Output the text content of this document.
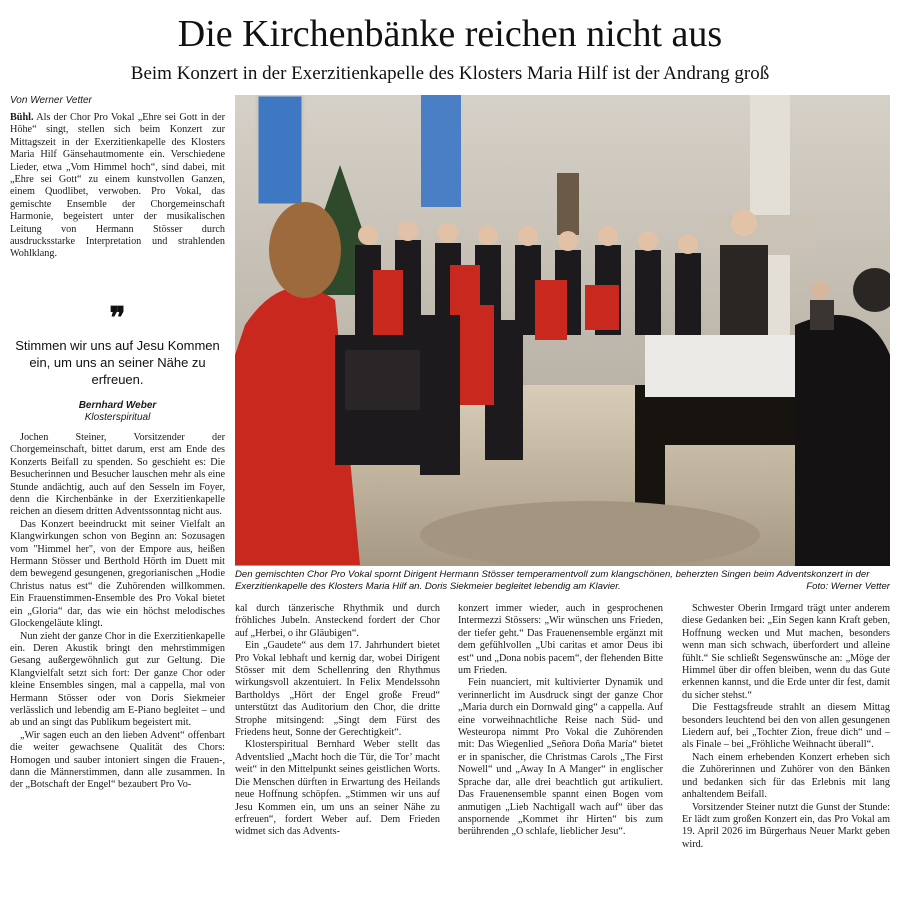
Die Kirchenbänke reichen nicht aus
Beim Konzert in der Exerzitienkapelle des Klosters Maria Hilf ist der Andrang groß
Von Werner Vetter

Bühl. Als der Chor Pro Vokal „Ehre sei Gott in der Höhe“ singt, stellen sich beim Konzert zur Mittagszeit in der Exerzitienkapelle des Klosters Maria Hilf Gänsehautmomente ein. Verschiedene Lieder, etwa „Vom Himmel hoch“, sind dabei, mit „Ehre sei Gott“ zu einem kunstvollen Ganzen, einem Quodlibet, verwoben. Pro Vokal, das gemischte Ensemble der Chorgemeinschaft Harmonie, begeistert unter der musikalischen Leitung von Hermann Stösser durch ausdrucksstarke Interpretation und strahlenden Wohlklang.

❞
Stimmen wir uns auf Jesu Kommen ein, um uns an seiner Nähe zu erfreuen.
Bernhard Weber
Klosterspiritual

Jochen Steiner, Vorsitzender der Chorgemeinschaft, bittet darum, erst am Ende des Konzerts Beifall zu spenden. So geschieht es: Die Besucherinnen und Besucher lauschen mehr als eine Stunde andächtig, auch auf den Sesseln im Foyer, denn die Kirchenbänke in der Exerzitienkapelle reichen an diesem dritten Adventssonntag nicht aus.

Das Konzert beeindruckt mit seiner Vielfalt an Klangwirkungen schon von Beginn an: Sozusagen vom "Himmel her", von der Empore aus, heißen Hermann Stösser und Berthold Hörth im Duett mit dem bewegend gesungenen, gregorianischen „Hodie Christus natus est“ die Zuhörenden willkommen. Ein Frauenstimmen-Ensemble des Pro Vokal bietet ein „Gloria“ dar, das wie ein höchst melodisches Glockengeläute klingt.

Nun zieht der ganze Chor in die Exerzitienkapelle ein. Deren Akustik bringt den mehrstimmigen Gesang außergewöhnlich gut zur Geltung. Die Klangvielfalt setzt sich fort: Der ganze Chor oder kleine Ensembles singen, mal a cappella, mal von Hermann Stösser oder von Doris Siekmeier verlässlich und lebendig am E-Piano begleitet – und ab und an singt das Publikum begeistert mit.

„Wir sagen euch an den lieben Advent“ offenbart die weiter gewachsene Qualität des Chors: Homogen und sauber intoniert singen die Frauen-, dann die Männerstimmen, dann alle zusammen. In der „Botschaft der Engel“ bezaubert Pro Vo-

Den gemischten Chor Pro Vokal spornt Dirigent Hermann Stösser temperamentvoll zum klangschönen, beherzten Singen beim Adventskonzert in der Exerzitienkapelle des Klosters Maria Hilf an. Doris Siekmeier begleitet lebendig am Klavier.	Foto: Werner Vetter

kal durch tänzerische Rhythmik und durch fröhliches Jubeln. Ansteckend fordert der Chor auf „Herbei, o ihr Gläubigen“.

Ein „Gaudete“ aus dem 17. Jahrhundert bietet Pro Vokal lebhaft und kernig dar, wobei Dirigent Stösser mit dem Schellenring den Rhythmus wirkungsvoll akzentuiert. In Felix Mendelssohn Bartholdys „Hört der Engel große Freud“ unterstützt das Auditorium den Chor, die dritte Strophe mitsingend: „Singt dem Fürst des Friedens heut, Sonne der Gerechtigkeit“.

Klosterspiritual Bernhard Weber stellt das Adventslied „Macht hoch die Tür, die Tor’ macht weit“ in den Mittelpunkt seines geistlichen Worts. Die Menschen dürften in Erwartung des Heilands neue Hoffnung schöpfen. „Stimmen wir uns auf Jesu Kommen ein, um uns an seiner Nähe zu erfreuen“, fordert Weber auf. Dem Frieden widmet sich das Advents-

konzert immer wieder, auch in gesprochenen Intermezzi Stössers: „Wir wünschen uns Frieden, der tiefer geht.“ Das Frauenensemble ergänzt mit dem gefühlvollen „Ubi caritas et amor Deus ibi est“ und „Dona nobis pacem“, der flehenden Bitte um Frieden.

Fein nuanciert, mit kultivierter Dynamik und verinnerlicht im Ausdruck singt der ganze Chor „Maria durch ein Dornwald ging“ a cappella. Auf eine vorweihnachtliche Reise nach Süd- und Westeuropa nimmt Pro Vokal die Zuhörenden mit: Das Wiegenlied „Señora Doña María“ bietet er in spanischer, die Christmas Carols „The First Nowell“ und „Away In A Manger“ in englischer Sprache dar, alle drei beachtlich gut artikuliert. Das Frauenensemble spannt einen Bogen vom anmutigen „Lieb Nachtigall wach auf“ über das anspornende „Kommet ihr Hirten“ bis zum berührenden „O schlafe, lieblicher Jesu“.

Schwester Oberin Irmgard trägt unter anderem diese Gedanken bei: „Ein Segen kann Kraft geben, Hoffnung wecken und Mut machen, besonders wenn man sich schwach, überfordert und alleine fühlt.“ Sie schließt Segenswünsche an: „Möge der Himmel über dir offen bleiben, wenn du das Gute erkennen kannst, und die Erde unter dir fest, damit du sicher stehst.“

Die Festtagsfreude strahlt an diesem Mittag besonders leuchtend bei den von allen gesungenen Liedern auf, bei „Tochter Zion, freue dich“ und – als Finale – bei „Fröhliche Weihnacht überall“.

Nach einem erhebenden Konzert erheben sich die Zuhörerinnen und Zuhörer von den Bänken und bedanken sich für das Erlebnis mit lang anhaltendem Beifall.

Vorsitzender Steiner nutzt die Gunst der Stunde: Er lädt zum großen Konzert ein, das Pro Vokal am 19. April 2026 im Bürgerhaus Neuer Markt geben wird.
